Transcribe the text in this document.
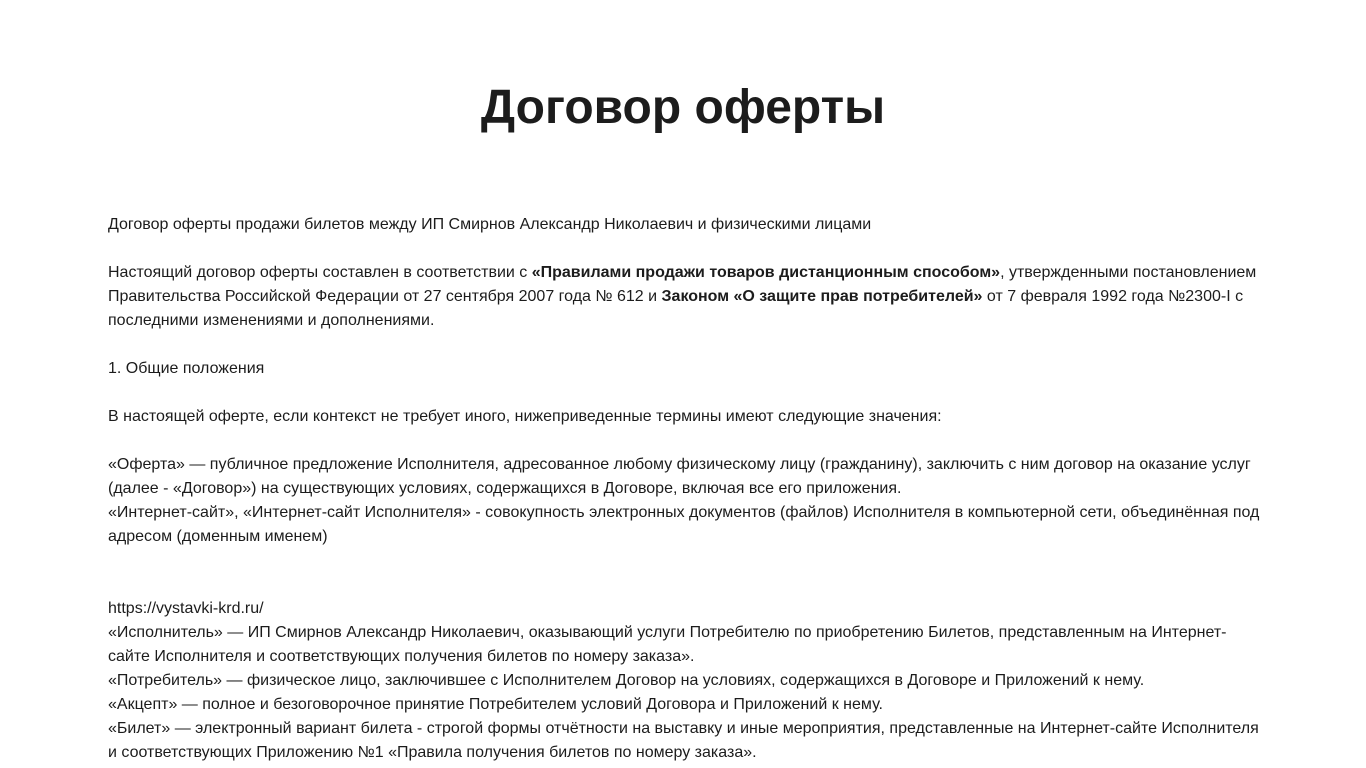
Договор оферты

Договор оферты продажи билетов между ИП Смирнов Александр Николаевич и физическими лицами

Настоящий договор оферты составлен в соответствии с «Правилами продажи товаров дистанционным способом», утвержденными постановлением Правительства Российской Федерации от 27 сентября 2007 года № 612 и Законом «О защите прав потребителей» от 7 февраля 1992 года №2300-I с последними изменениями и дополнениями.

1. Общие положения

В настоящей оферте, если контекст не требует иного, нижеприведенные термины имеют следующие значения:

«Оферта» — публичное предложение Исполнителя, адресованное любому физическому лицу (гражданину), заключить с ним договор на оказание услуг (далее - «Договор») на существующих условиях, содержащихся в Договоре, включая все его приложения.

«Интернет-сайт», «Интернет-сайт Исполнителя» - совокупность электронных документов (файлов) Исполнителя в компьютерной сети, объединённая под адресом (доменным именем)

https://vystavki-krd.ru/

«Исполнитель» — ИП Смирнов Александр Николаевич, оказывающий услуги Потребителю по приобретению Билетов, представленным на Интернет-сайте Исполнителя и соответствующих получения билетов по номеру заказа».

«Потребитель» — физическое лицо, заключившее с Исполнителем Договор на условиях, содержащихся в Договоре и Приложений к нему.

«Акцепт» — полное и безоговорочное принятие Потребителем условий Договора и Приложений к нему.

«Билет» — электронный вариант билета - строгой формы отчётности на выставку и иные мероприятия, представленные на Интернет-сайте Исполнителя и соответствующих Приложению №1 «Правила получения билетов по номеру заказа».
